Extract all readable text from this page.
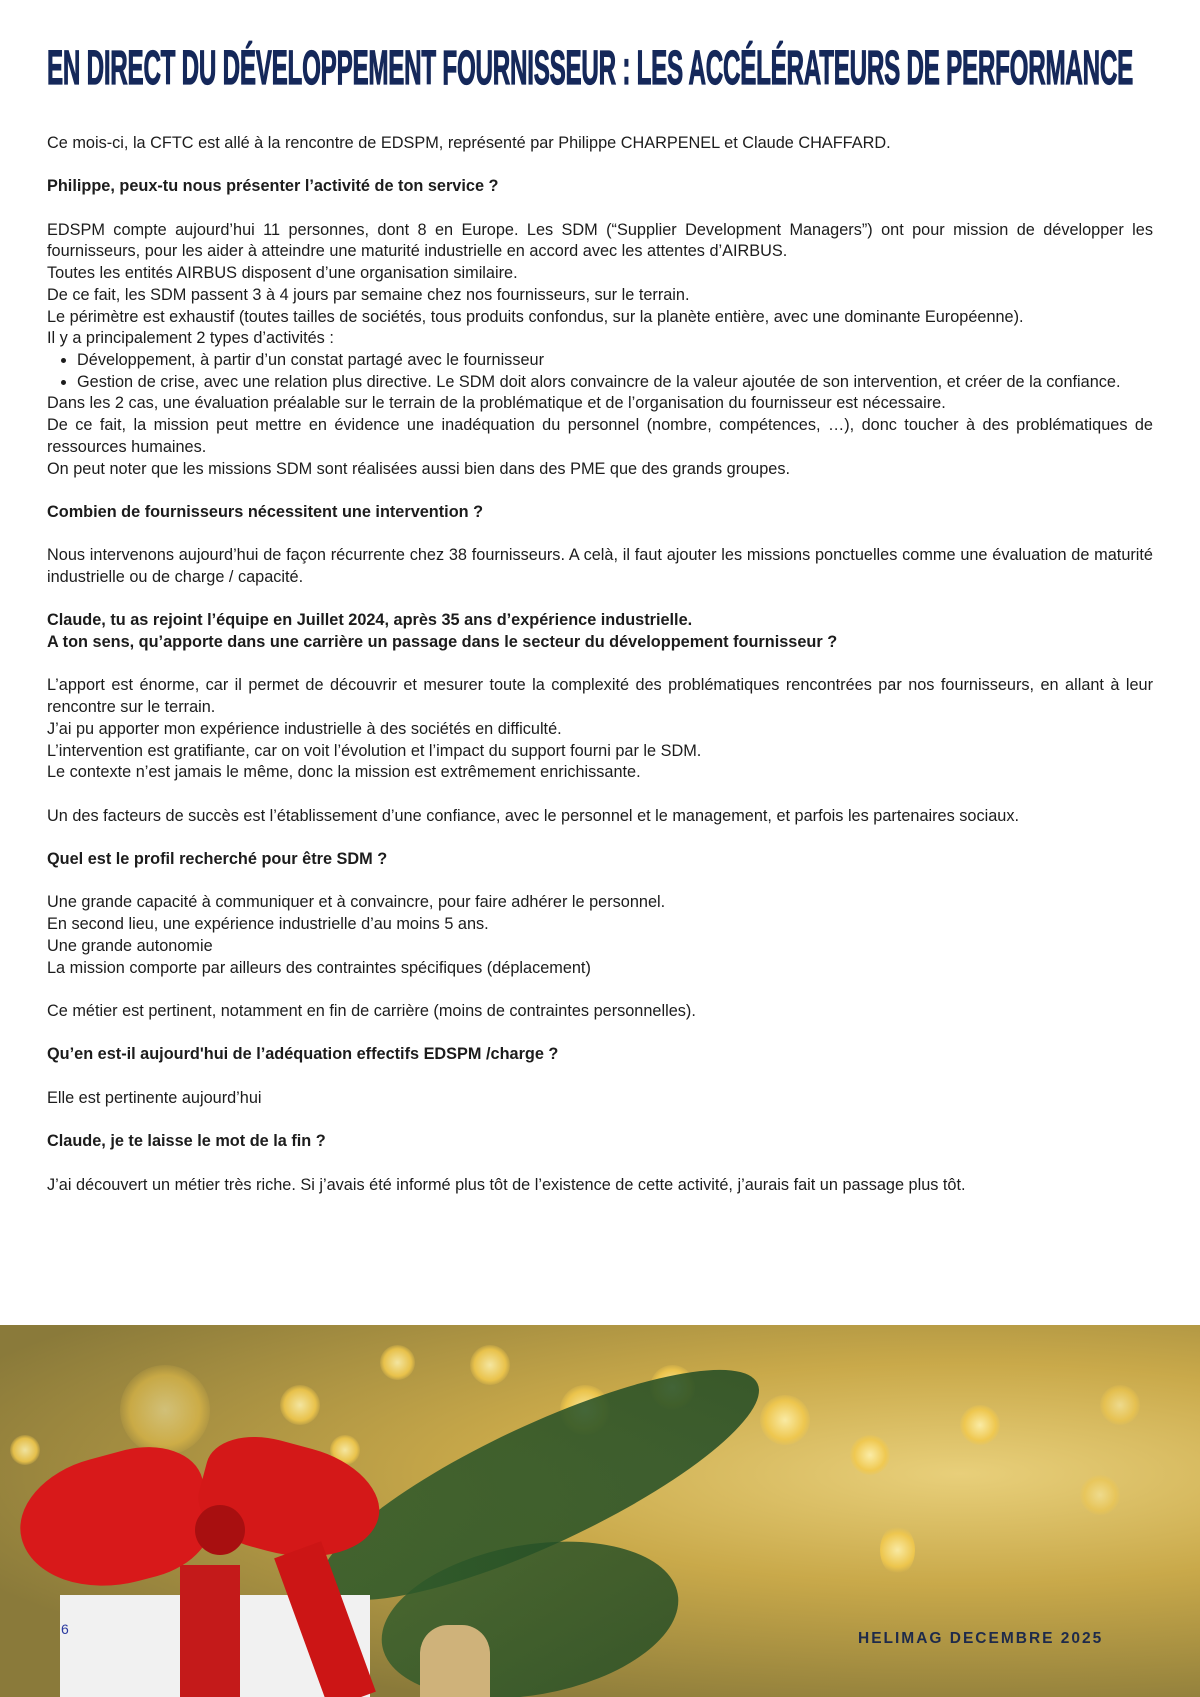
EN DIRECT DU DÉVELOPPEMENT FOURNISSEUR : LES ACCÉLÉRATEURS DE PERFORMANCE

Ce mois-ci, la CFTC est allé à la rencontre de EDSPM, représenté par Philippe CHARPENEL et Claude CHAFFARD.

Philippe, peux-tu nous présenter l’activité de ton service ?

EDSPM compte aujourd’hui 11 personnes, dont 8 en Europe. Les SDM (“Supplier Development Managers”) ont pour mission de développer les fournisseurs, pour les aider à atteindre une maturité industrielle en accord avec les attentes d’AIRBUS.

Toutes les entités AIRBUS disposent d’une organisation similaire.

De ce fait, les SDM passent 3 à 4 jours par semaine chez nos fournisseurs, sur le terrain.

Le périmètre est exhaustif (toutes tailles de sociétés, tous produits confondus, sur la planète entière, avec une dominante Européenne).

Il y a principalement 2 types d’activités :

• Développement, à partir d’un constat partagé avec le fournisseur
• Gestion de crise, avec une relation plus directive. Le SDM doit alors convaincre de la valeur ajoutée de son intervention, et créer de la confiance.

Dans les 2 cas, une évaluation préalable sur le terrain de la problématique et de l’organisation du fournisseur est nécessaire.

De ce fait, la mission peut mettre en évidence une inadéquation du personnel (nombre, compétences, …), donc toucher à des problématiques de ressources humaines.

On peut noter que les missions SDM sont réalisées aussi bien dans des PME que des grands groupes.

Combien de fournisseurs nécessitent une intervention ?

Nous intervenons aujourd’hui de façon récurrente chez 38 fournisseurs. A celà, il faut ajouter les missions ponctuelles comme une évaluation de maturité industrielle ou de charge / capacité.

Claude, tu as rejoint l’équipe en Juillet 2024, après 35 ans d’expérience industrielle.

A ton sens, qu’apporte dans une carrière un passage dans le secteur du développement fournisseur ?

L’apport est énorme, car il permet de découvrir et mesurer toute la complexité des problématiques rencontrées par nos fournisseurs, en allant à leur rencontre sur le terrain.

J’ai pu apporter mon expérience industrielle à des sociétés en difficulté.

L’intervention est gratifiante, car on voit l’évolution et l’impact du support fourni par le SDM.

Le contexte n’est jamais le même, donc la mission est extrêmement enrichissante.

Un des facteurs de succès est l’établissement d’une confiance, avec le personnel et le management, et parfois les partenaires sociaux.

Quel est le profil recherché pour être SDM ?

Une grande capacité à communiquer et à convaincre, pour faire adhérer le personnel.

En second lieu, une expérience industrielle d’au moins 5 ans.

Une grande autonomie

La mission comporte par ailleurs des contraintes spécifiques (déplacement)

Ce métier est pertinent, notamment en fin de carrière (moins de contraintes personnelles).

Qu’en est-il aujourd'hui de l’adéquation effectifs EDSPM /charge ?

Elle est pertinente aujourd’hui

Claude, je te laisse le mot de la fin ?

J’ai découvert un métier très riche. Si j’avais été informé plus tôt de l’existence de cette activité, j’aurais fait un passage plus tôt.

6
HELIMAG DECEMBRE 2025
